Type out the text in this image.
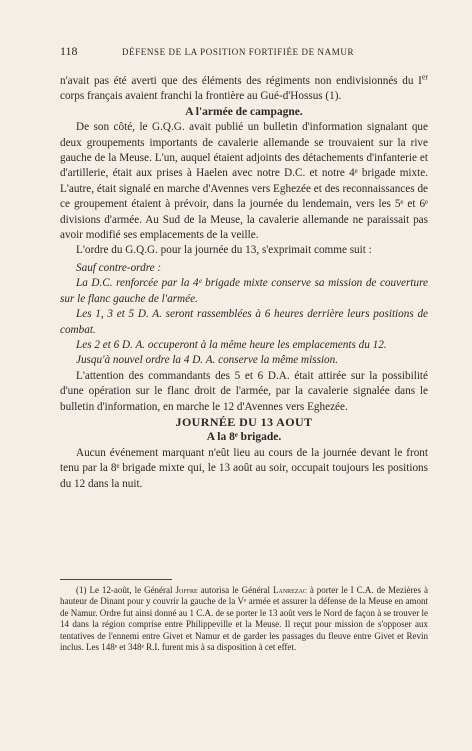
118	DÉFENSE DE LA POSITION FORTIFIÉE DE NAMUR

n'avait pas été averti que des éléments des régiments non endivisionnés du Ier corps français avaient franchi la frontière au Gué-d'Hossus (1).

A l'armée de campagne.

De son côté, le G.Q.G. avait publié un bulletin d'information signalant que deux groupements importants de cavalerie allemande se trouvaient sur la rive gauche de la Meuse. L'un, auquel étaient adjoints des détachements d'infanterie et d'artillerie, était aux prises à Haelen avec notre D.C. et notre 4ᵉ brigade mixte. L'autre, était signalé en marche d'Avennes vers Eghezée et des reconnaissances de ce groupement étaient à prévoir, dans la journée du lendemain, vers les 5ᵉ et 6ᵉ divisions d'armée. Au Sud de la Meuse, la cavalerie allemande ne paraissait pas avoir modifié ses emplacements de la veille.

L'ordre du G.Q.G. pour la journée du 13, s'exprimait comme suit :

Sauf contre-ordre :

La D.C. renforcée par la 4ᵉ brigade mixte conserve sa mission de couverture sur le flanc gauche de l'armée.

Les 1, 3 et 5 D. A. seront rassemblées à 6 heures derrière leurs positions de combat.

Les 2 et 6 D. A. occuperont à la même heure les emplacements du 12.

Jusqu'à nouvel ordre la 4 D. A. conserve la même mission.

L'attention des commandants des 5 et 6 D.A. était attirée sur la possibilité d'une opération sur le flanc droit de l'armée, par la cavalerie signalée dans le bulletin d'information, en marche le 12 d'Avennes vers Eghezée.

JOURNÉE DU 13 AOUT

A la 8ᵉ brigade.

Aucun événement marquant n'eût lieu au cours de la journée devant le front tenu par la 8ᵉ brigade mixte qui, le 13 août au soir, occupait toujours les positions du 12 dans la nuit.

(1) Le 12-août, le Général Joffre autorisa le Général Lanrezac à porter le I C.A. de Mezières à hauteur de Dinant pour y couvrir la gauche de la Vᵉ armée et assurer la défense de la Meuse en amont de Namur. Ordre fut ainsi donné au 1 C.A. de se porter le 13 août vers le Nord de façon à se trouver le 14 dans la région comprise entre Philippeville et la Meuse. Il reçut pour mission de s'opposer aux tentatives de l'ennemi entre Givet et Namur et de garder les passages du fleuve entre Givet et Revin inclus. Les 148ᵉ et 348ᵉ R.I. furent mis à sa disposition à cet effet.
